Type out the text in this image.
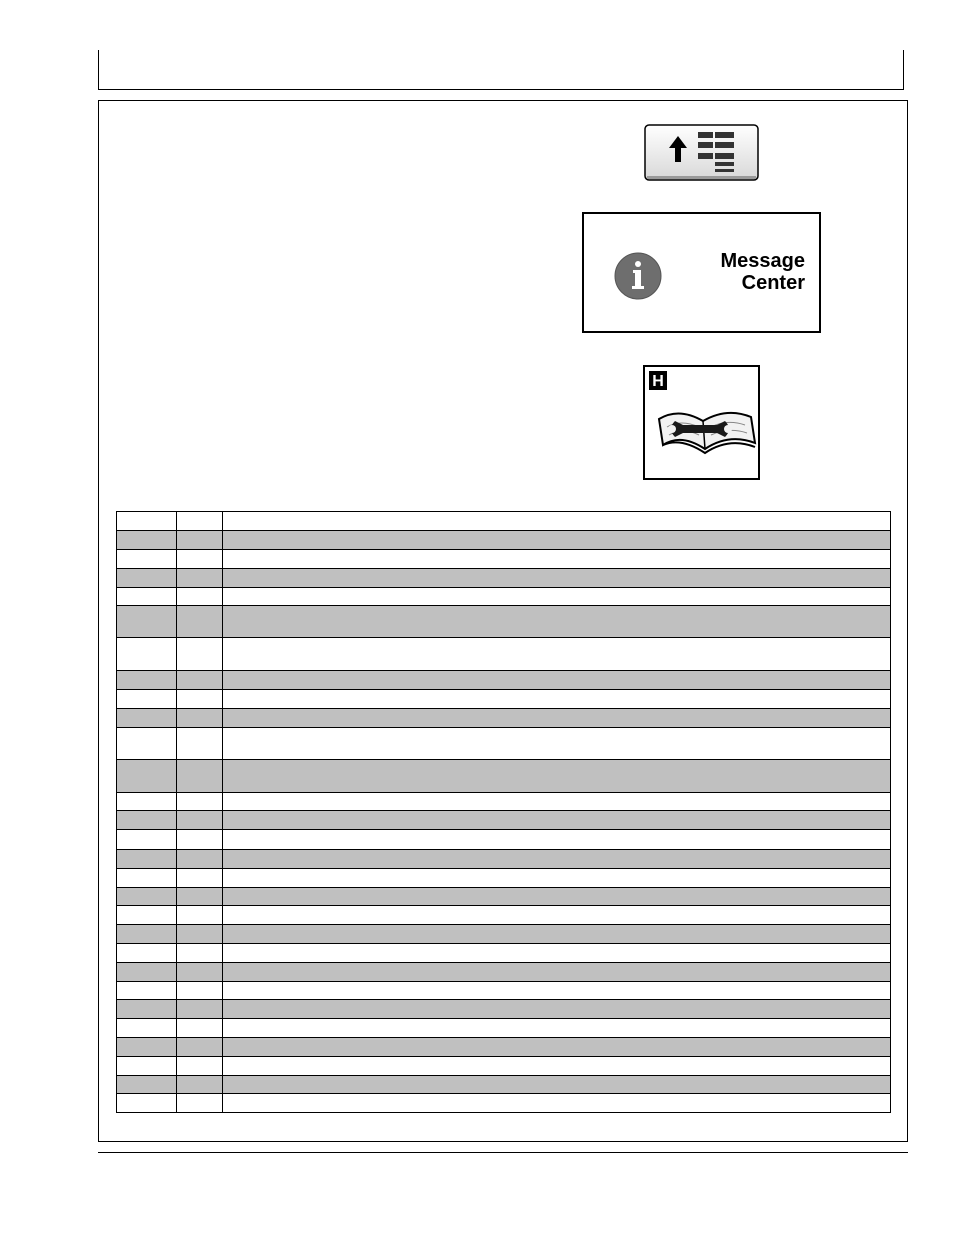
Message
Center
H
